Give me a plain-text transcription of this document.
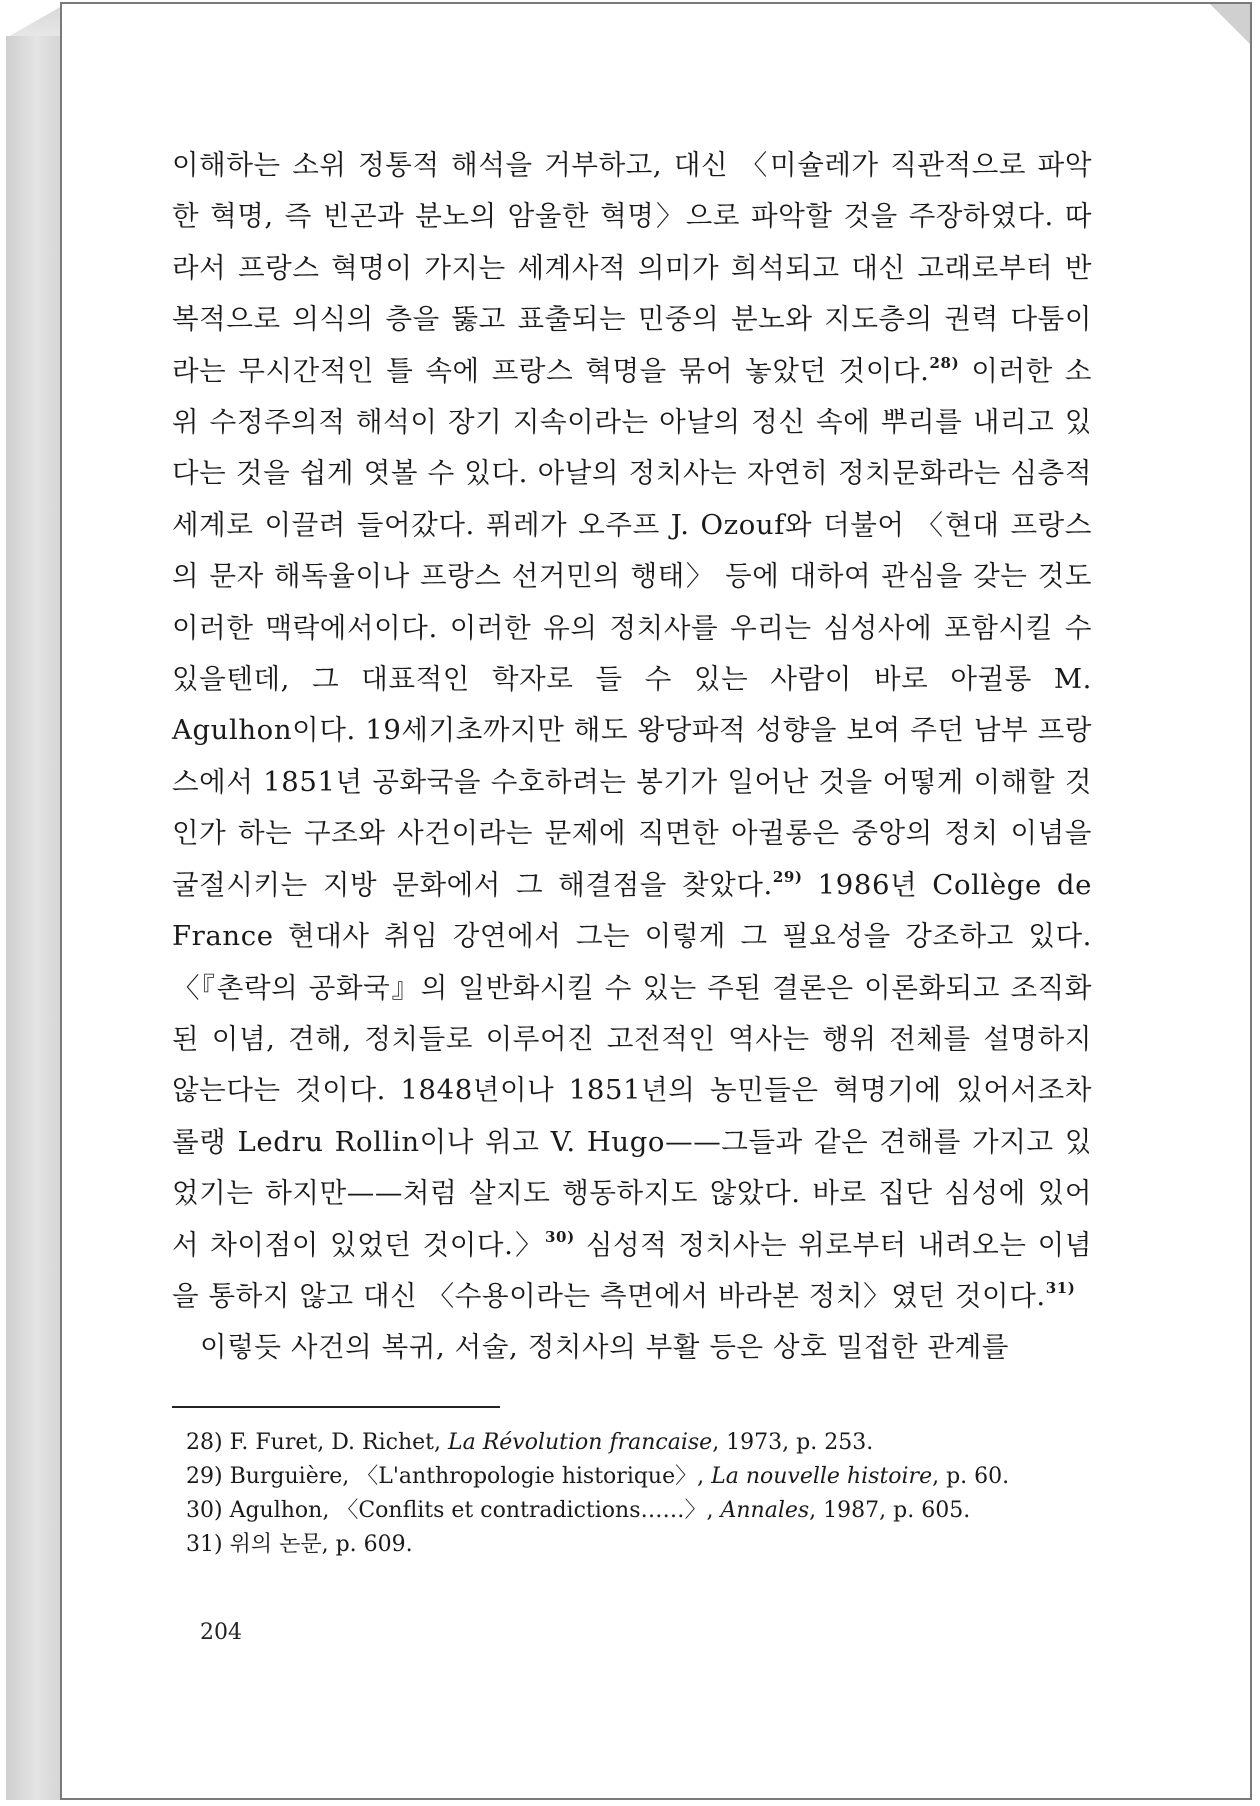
이해하는 소위 정통적 해석을 거부하고, 대신 〈미슐레가 직관적으로 파악한 혁명, 즉 빈곤과 분노의 암울한 혁명〉으로 파악할 것을 주장하였다. 따라서 프랑스 혁명이 가지는 세계사적 의미가 희석되고 대신 고래로부터 반복적으로 의식의 층을 뚫고 표출되는 민중의 분노와 지도층의 권력 다툼이라는 무시간적인 틀 속에 프랑스 혁명을 묶어 놓았던 것이다.$^{28)}$ 이러한 소위 수정주의적 해석이 장기 지속이라는 아날의 정신 속에 뿌리를 내리고 있다는 것을 쉽게 엿볼 수 있다. 아날의 정치사는 자연히 정치문화라는 심층적 세계로 이끌려 들어갔다. 퓌레가 오주프 J. Ozouf와 더불어 〈현대 프랑스의 문자 해독율이나 프랑스 선거민의 행태〉 등에 대하여 관심을 갖는 것도 이러한 맥락에서이다. 이러한 유의 정치사를 우리는 심성사에 포함시킬 수 있을텐데, 그 대표적인 학자로 들 수 있는 사람이 바로 아귈롱 M. Agulhon이다. 19세기초까지만 해도 왕당파적 성향을 보여 주던 남부 프랑스에서 1851년 공화국을 수호하려는 봉기가 일어난 것을 어떻게 이해할 것인가 하는 구조와 사건이라는 문제에 직면한 아귈롱은 중앙의 정치 이념을 굴절시키는 지방 문화에서 그 해결점을 찾았다.$^{29)}$ 1986년 Collège de France 현대사 취임 강연에서 그는 이렇게 그 필요성을 강조하고 있다. 〈『촌락의 공화국』의 일반화시킬 수 있는 주된 결론은 이론화되고 조직화된 이념, 견해, 정치들로 이루어진 고전적인 역사는 행위 전체를 설명하지 않는다는 것이다. 1848년이나 1851년의 농민들은 혁명기에 있어서조차 롤랭 Ledru Rollin이나 위고 V. Hugo——그들과 같은 견해를 가지고 있었기는 하지만——처럼 살지도 행동하지도 않았다. 바로 집단 심성에 있어서 차이점이 있었던 것이다.〉$^{30)}$ 심성적 정치사는 위로부터 내려오는 이념을 통하지 않고 대신 〈수용이라는 측면에서 바라본 정치〉였던 것이다.$^{31)}$

이렇듯 사건의 복귀, 서술, 정치사의 부활 등은 상호 밀접한 관계를

28) F. Furet, D. Richet, La Révolution francaise, 1973, p. 253.
29) Burguière, 〈L'anthropologie historique〉, La nouvelle histoire, p. 60.
30) Agulhon, 〈Conflits et contradictions……〉, Annales, 1987, p. 605.
31) 위의 논문, p. 609.
204
